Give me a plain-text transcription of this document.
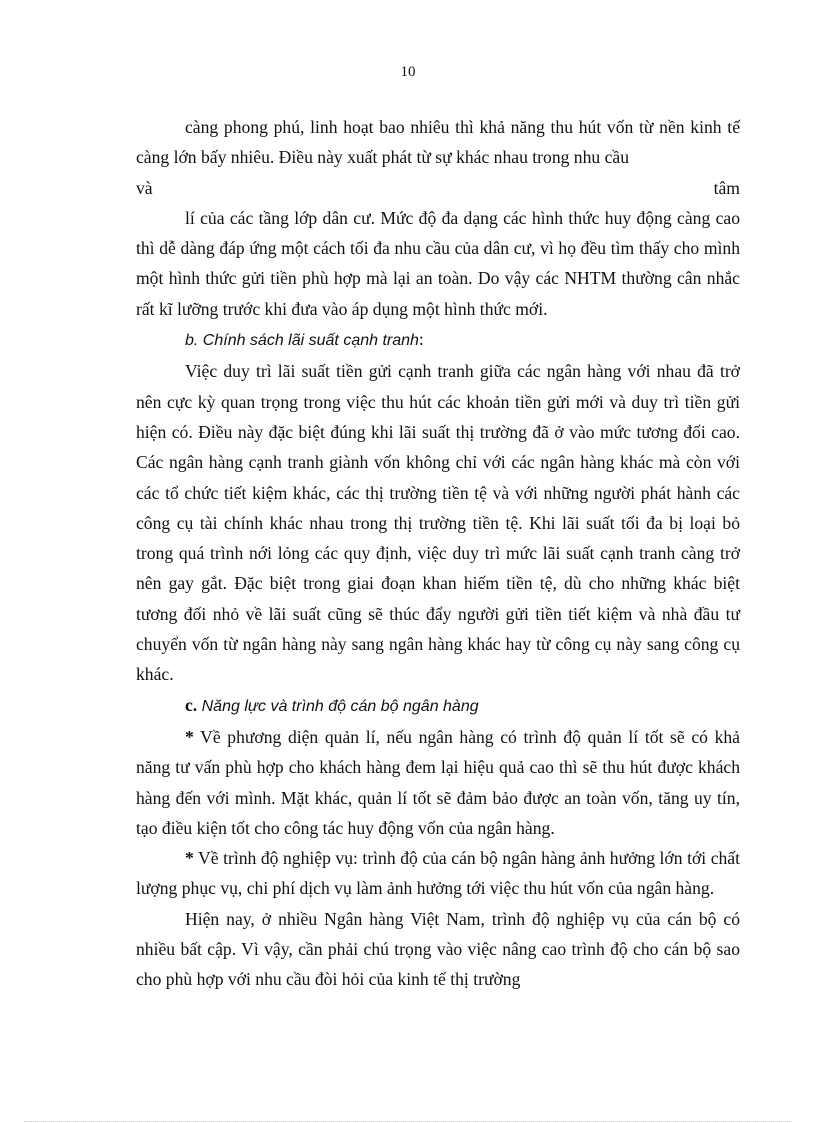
10

càng phong phú, linh hoạt bao nhiêu thì khả năng thu hút vốn từ nền kinh tế càng lớn bấy nhiêu. Điều này xuất phát từ sự khác nhau trong nhu cầu

và	tâm

lí của các tầng lớp dân cư. Mức độ đa dạng các hình thức huy động càng cao thì dễ dàng đáp ứng một cách tối đa nhu cầu của dân cư, vì họ đều tìm thấy cho mình một hình thức gửi tiền phù hợp mà lại an toàn. Do vậy các NHTM thường cân nhắc rất kĩ lưỡng trước khi đưa vào áp dụng một hình thức mới.

b. Chính sách lãi suất cạnh tranh:

Việc duy trì lãi suất tiền gửi cạnh tranh giữa các ngân hàng với nhau đã trở nên cực kỳ quan trọng trong việc thu hút các khoản tiền gửi mới và duy trì tiền gửi hiện có. Điều này đặc biệt đúng khi lãi suất thị trường đã ở vào mức tương đối cao. Các ngân hàng cạnh tranh giành vốn không chỉ với các ngân hàng khác mà còn với các tổ chức tiết kiệm khác, các thị trường tiền tệ và với những người phát hành các công cụ tài chính khác nhau trong thị trường tiền tệ. Khi lãi suất tối đa bị loại bỏ trong quá trình nới lỏng các quy định, việc duy trì mức lãi suất cạnh tranh càng trở nên gay gắt. Đặc biệt trong giai đoạn khan hiếm tiền tệ, dù cho những khác biệt tương đối nhỏ về lãi suất cũng sẽ thúc đẩy người gửi tiền tiết kiệm và nhà đầu tư chuyển vốn từ ngân hàng này sang ngân hàng khác hay từ công cụ này sang công cụ khác.

c. Năng lực và trình độ cán bộ ngân hàng

* Về phương diện quản lí, nếu ngân hàng có trình độ quản lí tốt sẽ có khả năng tư vấn phù hợp cho khách hàng đem lại hiệu quả cao thì sẽ thu hút được khách hàng đến với mình. Mặt khác, quản lí tốt sẽ đảm bảo được an toàn vốn, tăng uy tín, tạo điều kiện tốt cho công tác huy động vốn của ngân hàng.

* Về trình độ nghiệp vụ: trình độ của cán bộ ngân hàng ảnh hưởng lớn tới chất lượng phục vụ, chi phí dịch vụ làm ảnh hưởng tới việc thu hút vốn của ngân hàng.

Hiện nay, ở nhiều Ngân hàng Việt Nam, trình độ nghiệp vụ của cán bộ có nhiều bất cập. Vì vậy, cần phải chú trọng vào việc nâng cao trình độ cho cán bộ sao cho phù hợp với nhu cầu đòi hỏi của kinh tế thị trường
